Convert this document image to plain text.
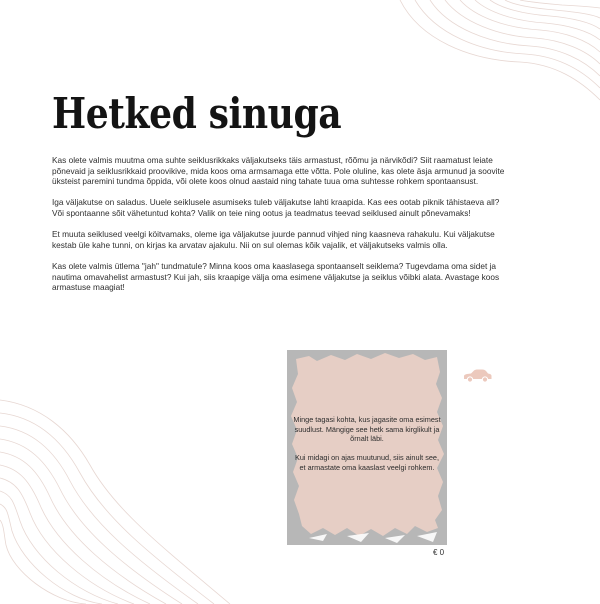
Hetked sinuga

Kas olete valmis muutma oma suhte seiklusrikkaks väljakutseks täis armastust, rõõmu ja närvikõdi? Siit raamatust leiate põnevaid ja seiklusrikkaid proovikive, mida koos oma armsamaga ette võtta. Pole oluline, kas olete äsja armunud ja soovite üksteist paremini tundma õppida, või olete koos olnud aastaid ning tahate tuua oma suhtesse rohkem spontaansust.

Iga väljakutse on saladus. Uuele seiklusele asumiseks tuleb väljakutse lahti kraapida. Kas ees ootab piknik tähistaeva all? Või spontaanne sõit vähetuntud kohta? Valik on teie ning ootus ja teadmatus teevad seiklused ainult põnevamaks!

Et muuta seiklused veelgi köitvamaks, oleme iga väljakutse juurde pannud vihjed ning kaasneva rahakulu. Kui väljakutse kestab üle kahe tunni, on kirjas ka arvatav ajakulu. Nii on sul olemas kõik vajalik, et väljakutseks valmis olla.

Kas olete valmis ütlema "jah" tundmatule? Minna koos oma kaaslasega spontaanselt seiklema? Tugevdama oma sidet ja nautima omavahelist armastust? Kui jah, siis kraapige välja oma esimene väljakutse ja seiklus võibki alata. Avastage koos armastuse maagiat!

Minge tagasi kohta, kus jagasite oma esimest suudlust. Mängige see hetk sama kirglikult ja õrnalt läbi.

Kui midagi on ajas muutunud, siis ainult see, et armastate oma kaaslast veelgi rohkem.

€ 0
